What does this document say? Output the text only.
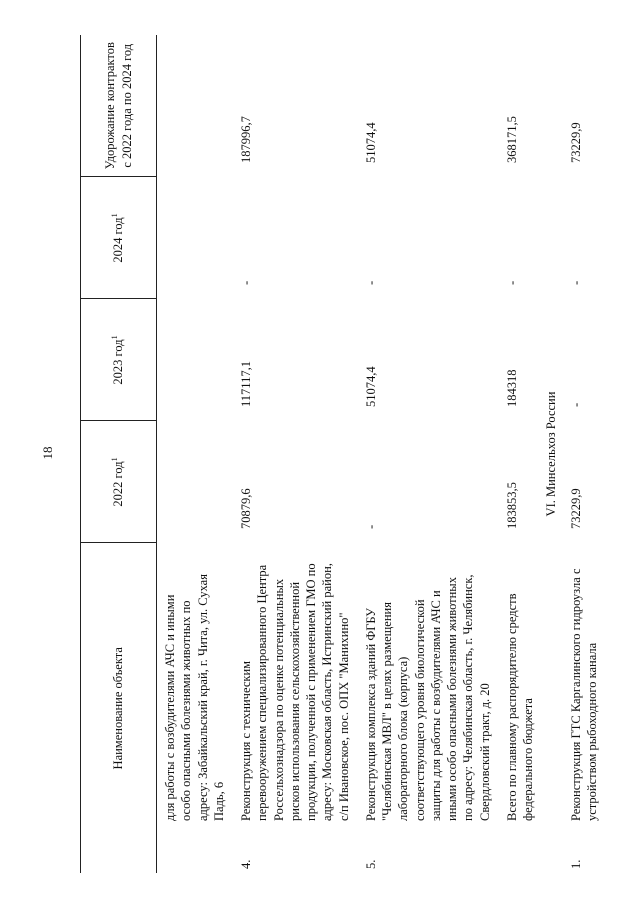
18
Наименование объекта	2022 год$^1$	2023 год$^1$	2024 год$^1$	Удорожание контрактов с 2022 года по 2024 год
для работы с возбудителями АЧС и иными особо опасными болезнями животных по адресу: Забайкальский край, г. Чита, ул. Сухая Падь, 6				
4.Реконструкция с техническим перевооружением специализированного Центра Россельхознадзора по оценке потенциальных рисков использования сельскохозяйственной продукции, полученной с применением ГМО по адресу: Московская область, Истринский район, с/п Ивановское, пос. ОПХ "Манихино"	70879,6	117117,1	-	187996,7
5.Реконструкция комплекса зданий ФГБУ "Челябинская МВЛ" в целях размещения лабораторного блока (корпуса) соответствующего уровня биологической защиты для работы с возбудителями АЧС и иными особо опасными болезнями животных по адресу: Челябинская область, г. Челябинск, Свердловский тракт, д. 20	-	51074,4	-	51074,4
Всего по главному распорядителю средств федерального бюджета	183853,5	184318	-	368171,5
VI. Минсельхоз России				
1.Реконструкция ГТС Каргалинского гидроузла с устройством рыбоходного канала	73229,9	-	-	73229,9
